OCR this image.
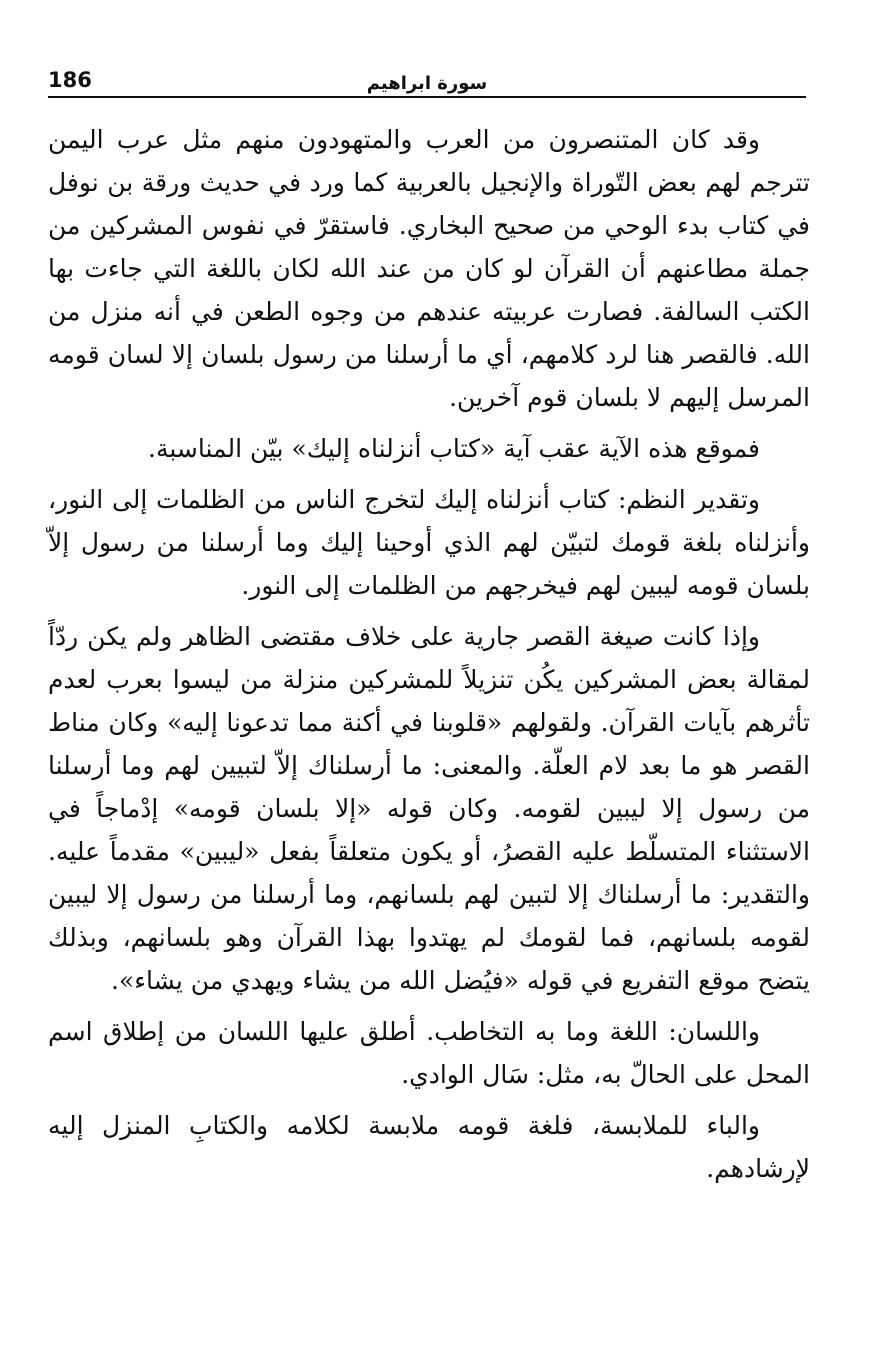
186	سورة ابراهيم

وقد كان المتنصرون من العرب والمتهودون منهم مثل عرب اليمن تترجم لهم بعض التّوراة والإنجيل بالعربية كما ورد في حديث ورقة بن نوفل في كتاب بدء الوحي من صحيح البخاري. فاستقرّ في نفوس المشركين من جملة مطاعنهم أن القرآن لو كان من عند الله لكان باللغة التي جاءت بها الكتب السالفة. فصارت عربيته عندهم من وجوه الطعن في أنه منزل من الله. فالقصر هنا لرد كلامهم، أي ما أرسلنا من رسول بلسان إلا لسان قومه المرسل إليهم لا بلسان قوم آخرين.

فموقع هذه الآية عقب آية «كتاب أنزلناه إليك» بيّن المناسبة.

وتقدير النظم: كتاب أنزلناه إليك لتخرج الناس من الظلمات إلى النور، وأنزلناه بلغة قومك لتبيّن لهم الذي أوحينا إليك وما أرسلنا من رسول إلاّ بلسان قومه ليبين لهم فيخرجهم من الظلمات إلى النور.

وإذا كانت صيغة القصر جارية على خلاف مقتضى الظاهر ولم يكن ردّاً لمقالة بعض المشركين يكُن تنزيلاً للمشركين منزلة من ليسوا بعرب لعدم تأثرهم بآيات القرآن. ولقولهم «قلوبنا في أكنة مما تدعونا إليه» وكان مناط القصر هو ما بعد لام العلّة. والمعنى: ما أرسلناك إلاّ لتبيين لهم وما أرسلنا من رسول إلا ليبين لقومه. وكان قوله «إلا بلسان قومه» إدْماجاً في الاستثناء المتسلّط عليه القصرُ، أو يكون متعلقاً بفعل «ليبين» مقدماً عليه. والتقدير: ما أرسلناك إلا لتبين لهم بلسانهم، وما أرسلنا من رسول إلا ليبين لقومه بلسانهم، فما لقومك لم يهتدوا بهذا القرآن وهو بلسانهم، وبذلك يتضح موقع التفريع في قوله «فيُضل الله من يشاء ويهدي من يشاء».

واللسان: اللغة وما به التخاطب. أطلق عليها اللسان من إطلاق اسم المحل على الحالّ به، مثل: سَال الوادي.

والباء للملابسة، فلغة قومه ملابسة لكلامه والكتابِ المنزل إليه لإرشادهم.
